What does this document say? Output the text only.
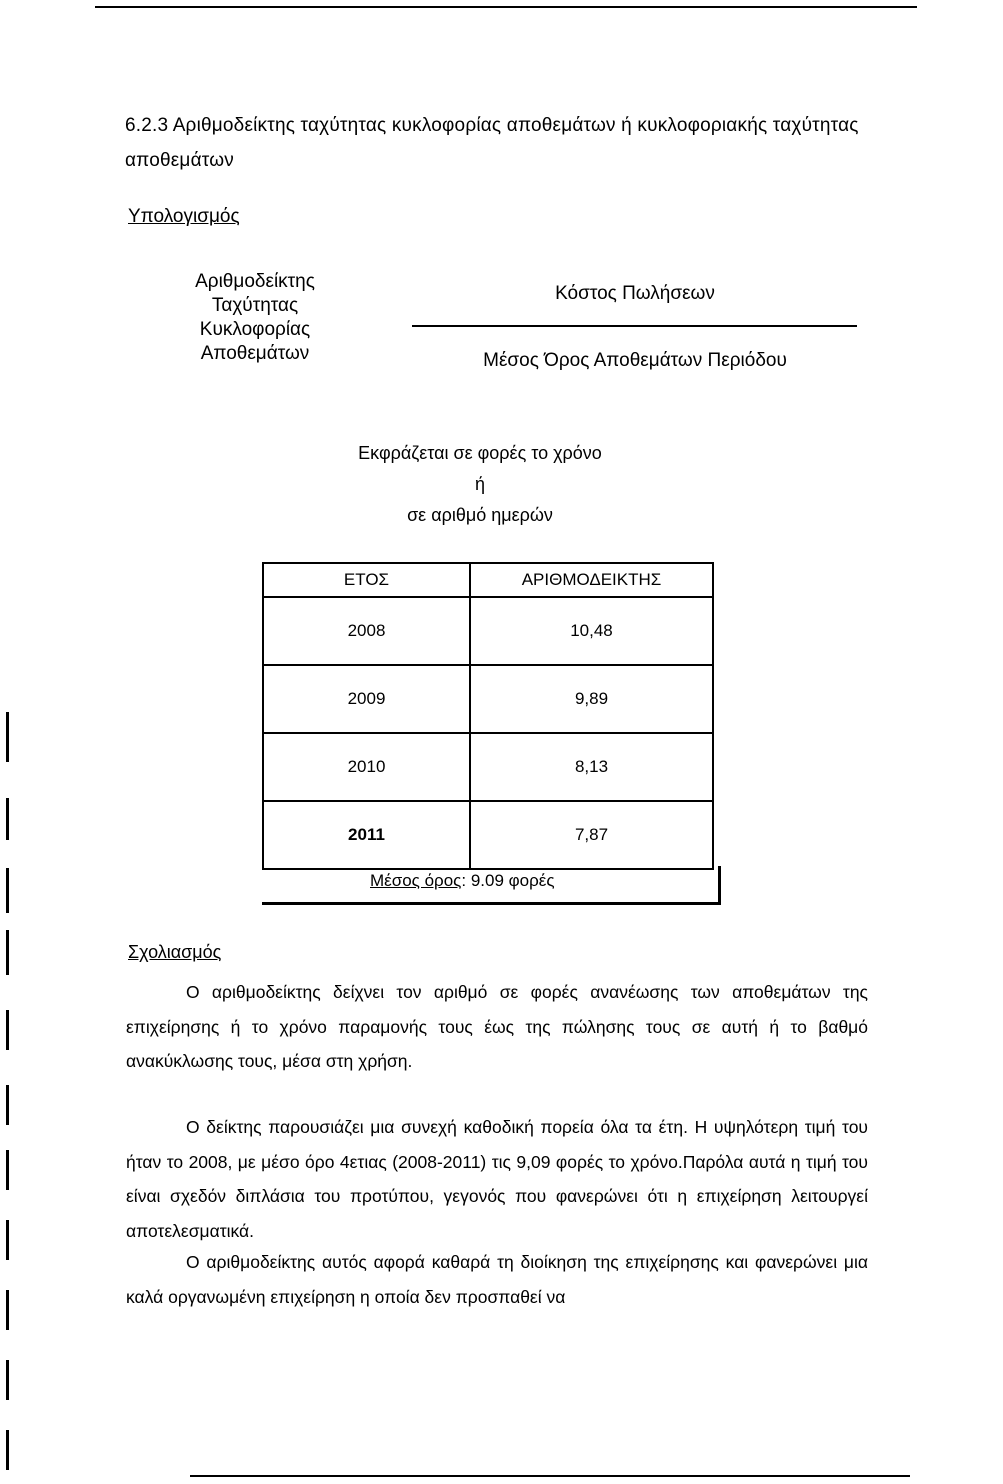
6.2.3 Αριθμοδείκτης ταχύτητας κυκλοφορίας αποθεμάτων ή κυκλοφοριακής ταχύτητας αποθεμάτων
Υπολογισμός
Αριθμοδείκτης
Ταχύτητας
Κυκλοφορίας
Αποθεμάτων
Κόστος Πωλήσεων
Μέσος Όρος Αποθεμάτων Περιόδου
Εκφράζεται σε φορές το χρόνο
ή
σε αριθμό ημερών
ΕΤΟΣ	ΑΡΙΘΜΟΔΕΙΚΤΗΣ
2008	10,48
2009	9,89
2010	8,13
2011	7,87
Μέσος όρος: 9.09 φορές
Σχολιασμός
Ο αριθμοδείκτης δείχνει τον αριθμό σε φορές ανανέωσης των αποθεμάτων της επιχείρησης ή το χρόνο παραμονής τους έως της πώλησης τους σε αυτή ή το βαθμό ανακύκλωσης τους, μέσα στη χρήση.
Ο δείκτης παρουσιάζει μια συνεχή καθοδική πορεία όλα τα έτη. Η υψηλότερη τιμή του ήταν το 2008, με μέσο όρο 4ετιας (2008-2011) τις 9,09 φορές το χρόνο.Παρόλα αυτά η τιμή του είναι σχεδόν διπλάσια του προτύπου, γεγονός που φανερώνει ότι η επιχείρηση λειτουργεί αποτελεσματικά.
Ο αριθμοδείκτης αυτός αφορά καθαρά τη διοίκηση της επιχείρησης και φανερώνει μια καλά οργανωμένη επιχείρηση η οποία δεν προσπαθεί να
